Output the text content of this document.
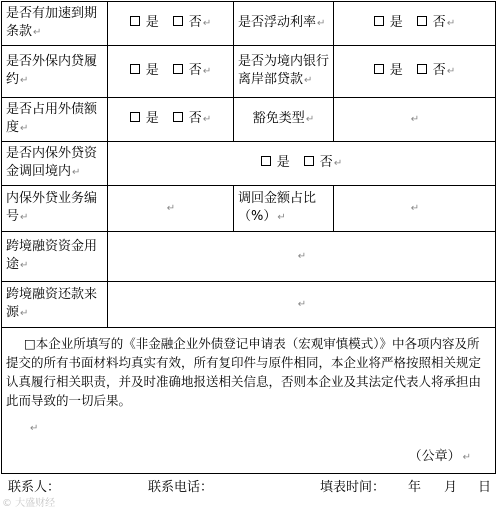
是否有加速到期条款↵	是 否↵	是否浮动利率↵	是 否↵
是否外保内贷履约↵	是 否↵	是否为境内银行离岸部贷款↵	是 否↵
是否占用外债额度↵	是 否↵	豁免类型↵	↵
是否内保外贷资金调回境内↵	是 否↵		
内保外贷业务编号↵	↵	调回金额占比（%）↵	↵
跨境融资资金用途↵	↵		
跨境融资还款来源↵	↵		

□本企业所填写的《非金融企业外债登记申请表（宏观审慎模式）》中各项内容及所提交的所有书面材料均真实有效，所有复印件与原件相同，本企业将严格按照相关规定认真履行相关职责，并及时准确地报送相关信息，否则本企业及其法定代表人将承担由此而导致的一切后果。

↵
（公章） ↵			
联系人：	联系电话：	填表时间： 年 月 日
© 大盛财经
